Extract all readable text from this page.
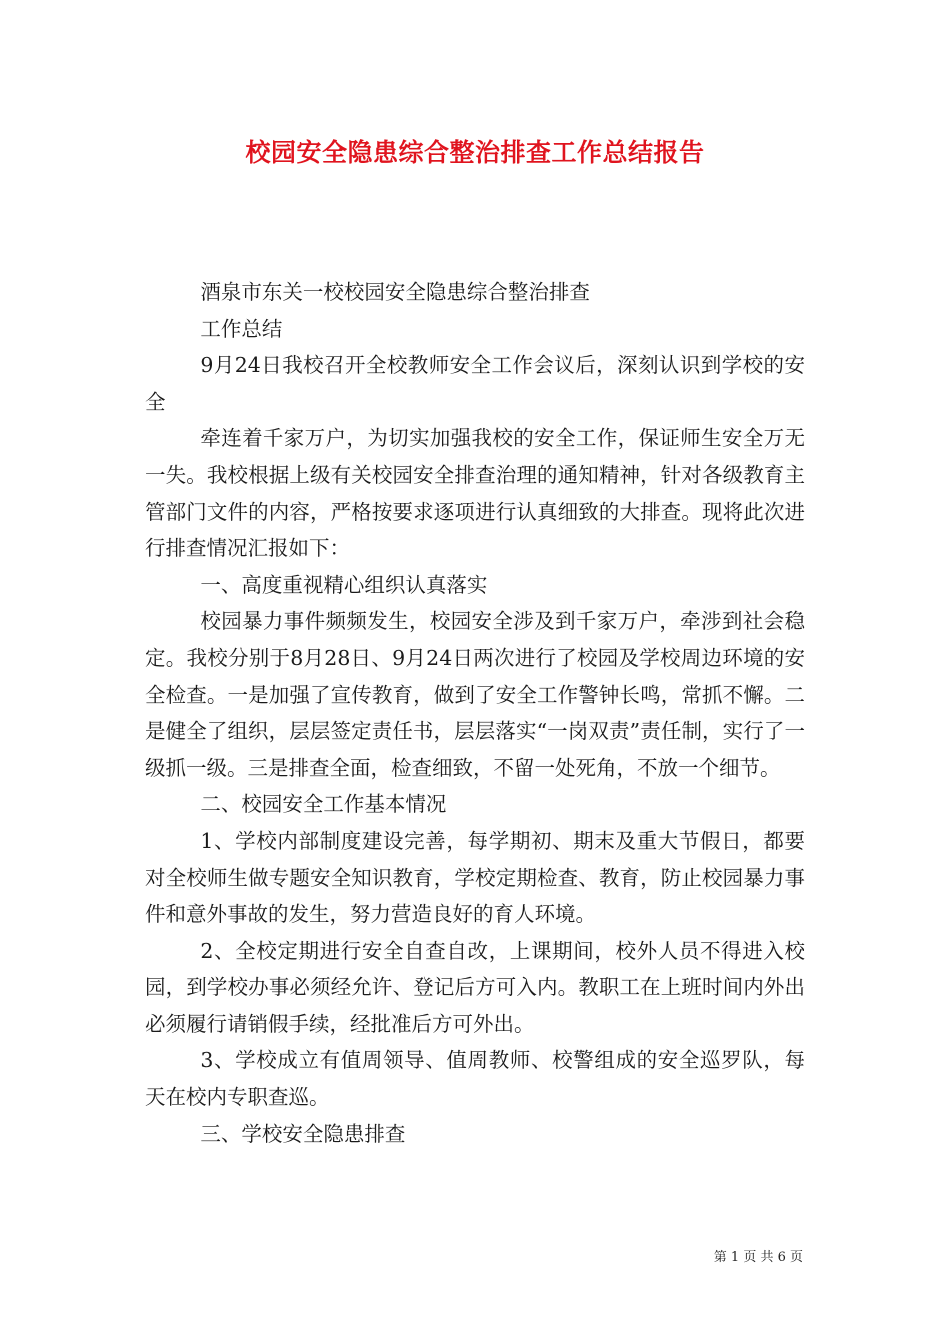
校园安全隐患综合整治排查工作总结报告

酒泉市东关一校校园安全隐患综合整治排查

工作总结

9月24日我校召开全校教师安全工作会议后，深刻认识到学校的安全

牵连着千家万户，为切实加强我校的安全工作，保证师生安全万无一失。我校根据上级有关校园安全排查治理的通知精神，针对各级教育主管部门文件的内容，严格按要求逐项进行认真细致的大排查。现将此次进行排查情况汇报如下：

一、高度重视精心组织认真落实

校园暴力事件频频发生，校园安全涉及到千家万户，牵涉到社会稳定。我校分别于8月28日、9月24日两次进行了校园及学校周边环境的安全检查。一是加强了宣传教育，做到了安全工作警钟长鸣，常抓不懈。二是健全了组织，层层签定责任书，层层落实“一岗双责”责任制，实行了一级抓一级。三是排查全面，检查细致，不留一处死角，不放一个细节。

二、校园安全工作基本情况

1、学校内部制度建设完善，每学期初、期末及重大节假日，都要对全校师生做专题安全知识教育，学校定期检查、教育，防止校园暴力事件和意外事故的发生，努力营造良好的育人环境。

2、全校定期进行安全自查自改，上课期间，校外人员不得进入校园，到学校办事必须经允许、登记后方可入内。教职工在上班时间内外出必须履行请销假手续，经批准后方可外出。

3、学校成立有值周领导、值周教师、校警组成的安全巡罗队，每天在校内专职查巡。

三、学校安全隐患排查

第 1 页 共 6 页
